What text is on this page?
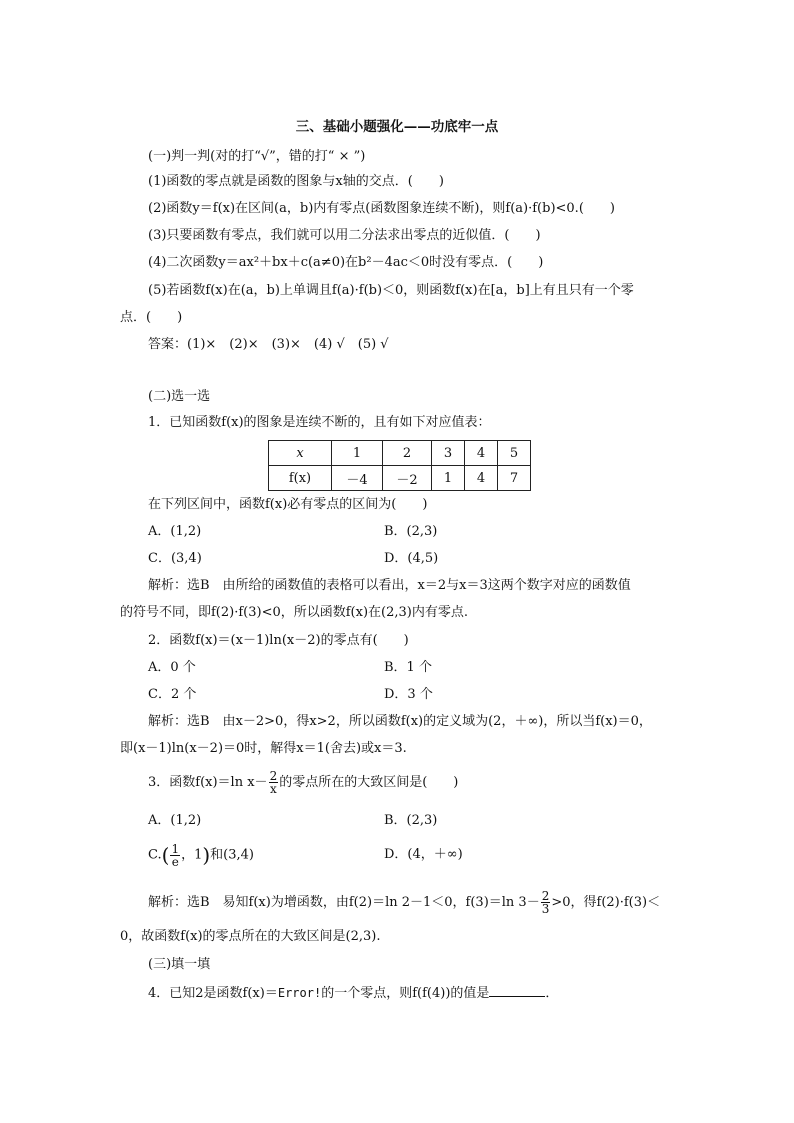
三、基础小题强化——功底牢一点
(一)判一判(对的打“√”，错的打“ × ”)
(1)函数的零点就是函数的图象与x轴的交点．(　　)
(2)函数y＝f(x)在区间(a，b)内有零点(函数图象连续不断)，则f(a)·f(b)<0.(　　)
(3)只要函数有零点，我们就可以用二分法求出零点的近似值．(　　)
(4)二次函数y＝ax²＋bx＋c(a≠0)在b²－4ac＜0时没有零点．(　　)
(5)若函数f(x)在(a，b)上单调且f(a)·f(b)＜0，则函数f(x)在[a，b]上有且只有一个零
点．(　　)
答案：(1)×　(2)×　(3)×　(4) √　(5) √
(二)选一选
1．已知函数f(x)的图象是连续不断的，且有如下对应值表：
x	1	2	3	4	5
f(x)	－4	－2	1	4	7
在下列区间中，函数f(x)必有零点的区间为(　　)
A．(1,2)	B．(2,3)
C．(3,4)	D．(4,5)
解析：选B　由所给的函数值的表格可以看出，x＝2与x＝3这两个数字对应的函数值
的符号不同，即f(2)·f(3)<0，所以函数f(x)在(2,3)内有零点.
2．函数f(x)＝(x－1)ln(x－2)的零点有(　　)
A．0 个	B．1 个
C．2 个	D．3 个
解析：选B　由x－2>0，得x>2，所以函数f(x)的定义域为(2，＋∞)，所以当f(x)＝0，
即(x－1)ln(x－2)＝0时，解得x＝1(舍去)或x＝3.
3．函数f(x)＝ln $x- \frac{2}{x}$ 的零点所在的大致区间是(　　)
A．(1,2)	B．(2,3)
$C.( \frac{1}{e}$ ，1)和(3,4)	D．(4，＋∞)
解析：选B　易知f(x)为增函数，由f(2)＝ln 2－1＜0，f(3)＝ln $3- \frac{2}{3} >0$，得f(2)·f(3)＜
0，故函数f(x)的零点所在的大致区间是(2,3).
(三)填一填
4．已知2是函数f(x)＝Error!的一个零点，则f(f(4))的值是	．
